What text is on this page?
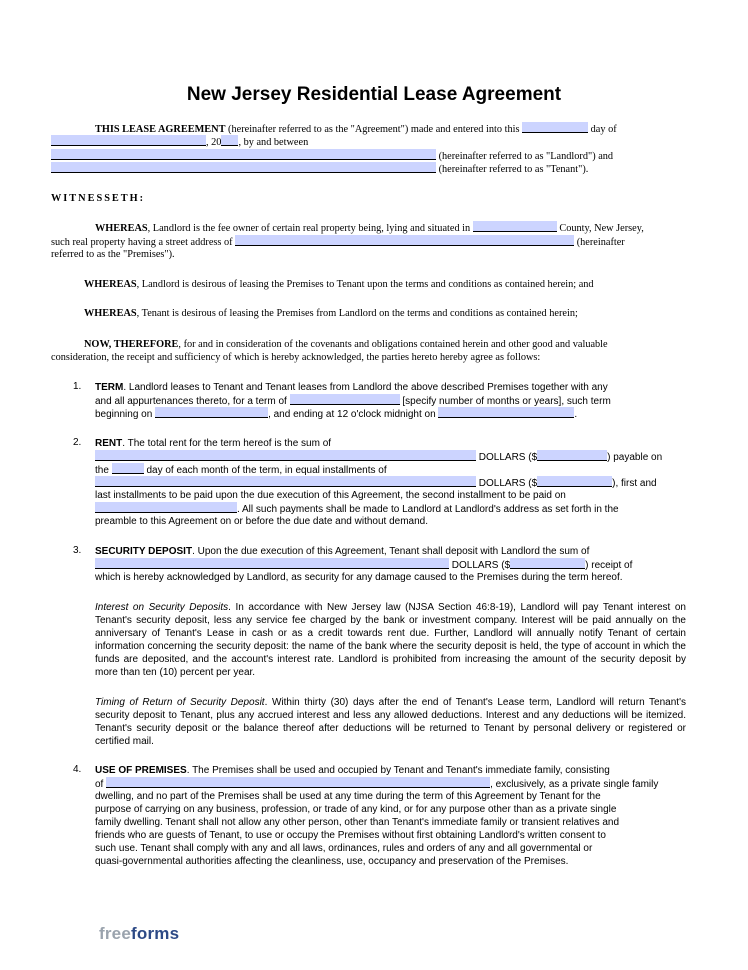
New Jersey Residential Lease Agreement
THIS LEASE AGREEMENT (hereinafter referred to as the "Agreement") made and entered into this	day of
, 20 , by and between
(hereinafter referred to as "Landlord") and
(hereinafter referred to as "Tenant").
WITNESSETH:
WHEREAS, Landlord is the fee owner of certain real property being, lying and situated in	County, New Jersey,
such real property having a street address of	(hereinafter
referred to as the "Premises").
WHEREAS, Landlord is desirous of leasing the Premises to Tenant upon the terms and conditions as contained herein; and
WHEREAS, Tenant is desirous of leasing the Premises from Landlord on the terms and conditions as contained herein;
NOW, THEREFORE, for and in consideration of the covenants and obligations contained herein and other good and valuable
consideration, the receipt and sufficiency of which is hereby acknowledged, the parties hereto hereby agree as follows:
1. TERM. Landlord leases to Tenant and Tenant leases from Landlord the above described Premises together with any
and all appurtenances thereto, for a term of	[specify number of months or years], such term
beginning on	, and ending at 12 o'clock midnight on	.
2. RENT. The total rent for the term hereof is the sum of
DOLLARS ($	) payable on
the	day of each month of the term, in equal installments of
DOLLARS ($	), first and
last installments to be paid upon the due execution of this Agreement, the second installment to be paid on
. All such payments shall be made to Landlord at Landlord's address as set forth in the
preamble to this Agreement on or before the due date and without demand.
3. SECURITY DEPOSIT. Upon the due execution of this Agreement, Tenant shall deposit with Landlord the sum of
DOLLARS ($	) receipt of
which is hereby acknowledged by Landlord, as security for any damage caused to the Premises during the term hereof.
Interest on Security Deposits. In accordance with New Jersey law (NJSA Section 46:8-19), Landlord will pay Tenant interest on Tenant's security deposit, less any service fee charged by the bank or investment company. Interest will be paid annually on the anniversary of Tenant's Lease in cash or as a credit towards rent due. Further, Landlord will annually notify Tenant of certain information concerning the security deposit: the name of the bank where the security deposit is held, the type of account in which the funds are deposited, and the account's interest rate. Landlord is prohibited from increasing the amount of the security deposit by more than ten (10) percent per year.
Timing of Return of Security Deposit. Within thirty (30) days after the end of Tenant's Lease term, Landlord will return Tenant's security deposit to Tenant, plus any accrued interest and less any allowed deductions. Interest and any deductions will be itemized. Tenant's security deposit or the balance thereof after deductions will be returned to Tenant by personal delivery or registered or certified mail.
4. USE OF PREMISES. The Premises shall be used and occupied by Tenant and Tenant's immediate family, consisting
of	, exclusively, as a private single family
dwelling, and no part of the Premises shall be used at any time during the term of this Agreement by Tenant for the
purpose of carrying on any business, profession, or trade of any kind, or for any purpose other than as a private single
family dwelling. Tenant shall not allow any other person, other than Tenant's immediate family or transient relatives and
friends who are guests of Tenant, to use or occupy the Premises without first obtaining Landlord's written consent to
such use. Tenant shall comply with any and all laws, ordinances, rules and orders of any and all governmental or
quasi-governmental authorities affecting the cleanliness, use, occupancy and preservation of the Premises.
freeforms
